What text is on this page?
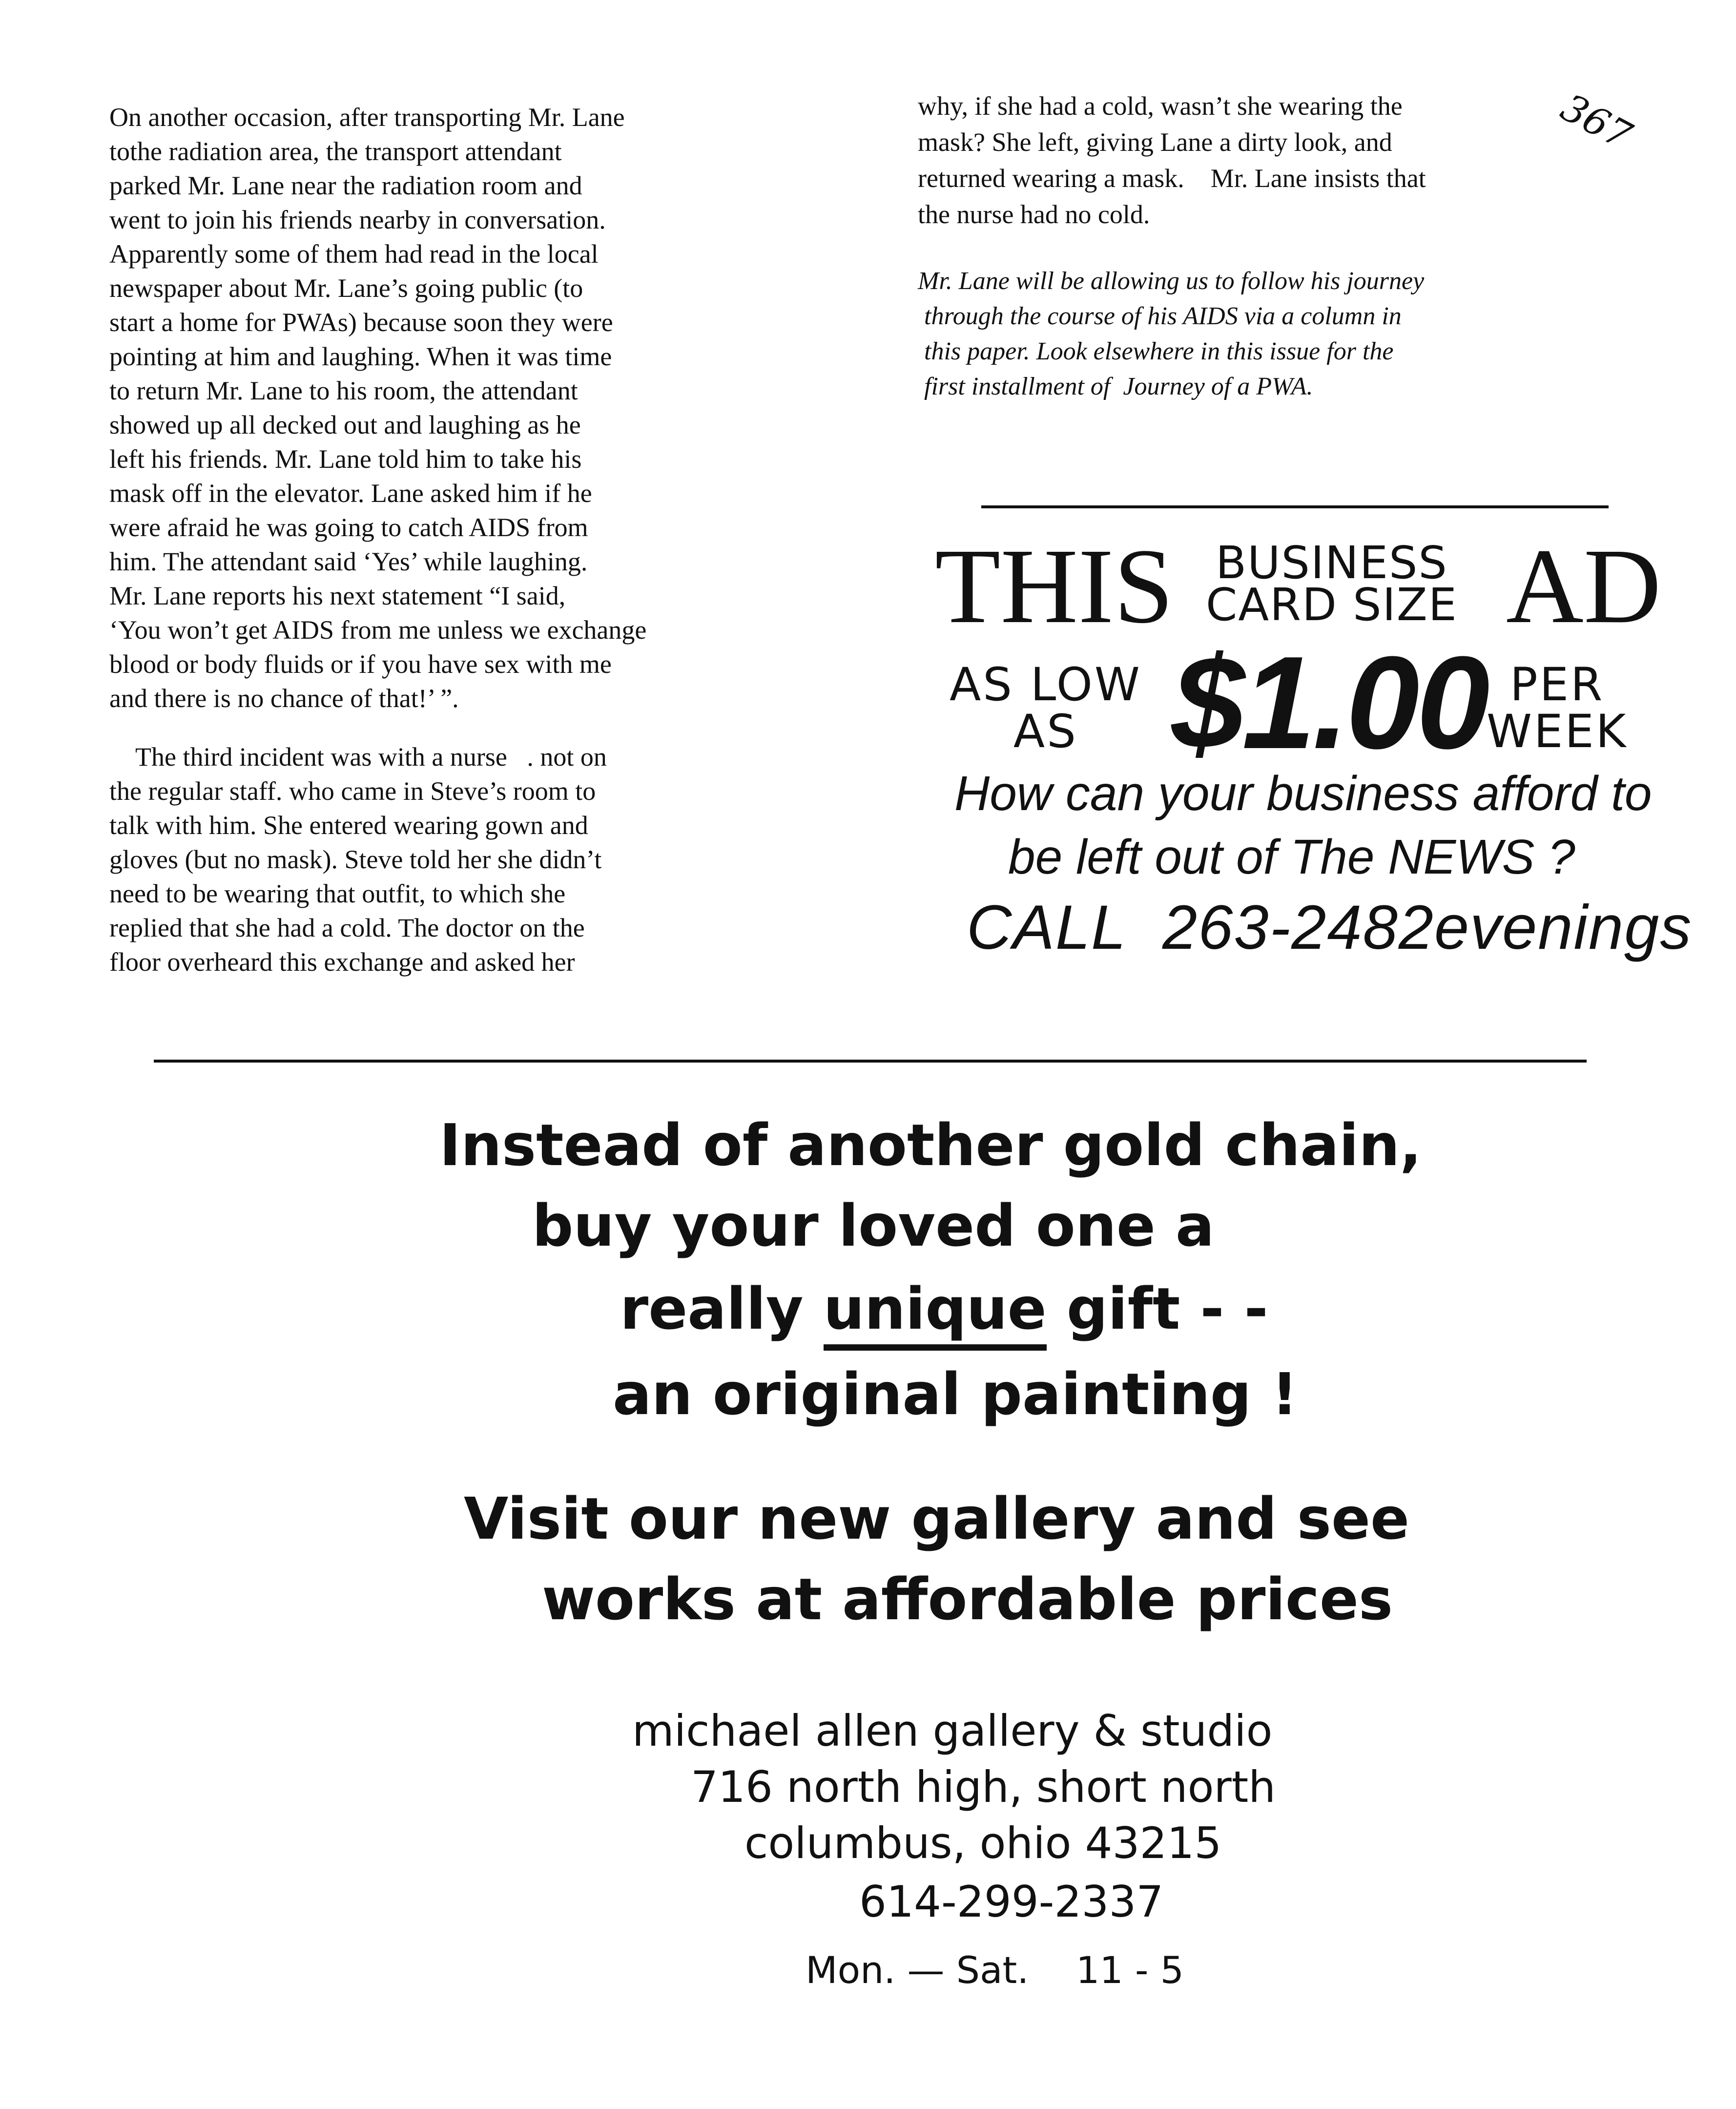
367
On another occasion, after transporting Mr. Lane
tothe radiation area, the transport attendant
parked Mr. Lane near the radiation room and
went to join his friends nearby in conversation.
Apparently some of them had read in the local
newspaper about Mr. Lane’s going public (to
start a home for PWAs) because soon they were
pointing at him and laughing. When it was time
to return Mr. Lane to his room, the attendant
showed up all decked out and laughing as he
left his friends. Mr. Lane told him to take his
mask off in the elevator. Lane asked him if he
were afraid he was going to catch AIDS from
him. The attendant said ‘Yes’ while laughing.
Mr. Lane reports his next statement “I said,
‘You won’t get AIDS from me unless we exchange
blood or body fluids or if you have sex with me
and there is no chance of that!’ ”.
The third incident was with a nurse   . not on
the regular staff. who came in Steve’s room to
talk with him. She entered wearing gown and
gloves (but no mask). Steve told her she didn’t
need to be wearing that outfit, to which she
replied that she had a cold. The doctor on the
floor overheard this exchange and asked her
why, if she had a cold, wasn’t she wearing the
mask? She left, giving Lane a dirty look, and
returned wearing a mask.    Mr. Lane insists that
the nurse had no cold.
Mr. Lane will be allowing us to follow his journey
through the course of his AIDS via a column in
this paper. Look elsewhere in this issue for the
first installment of  Journey of a PWA.
THIS BUSINESS
CARD SIZE AD
AS LOW
AS $1.00 PER
WEEK
How can your business afford to
be left out of The NEWS ?
CALL  263-2482evenings
Instead of another gold chain,
buy your loved one a
really unique gift - -
an original painting !
Visit our new gallery and see
works at affordable prices
michael allen gallery & studio
716 north high, short north
columbus, ohio 43215
614-299-2337
Mon. — Sat.    11 - 5
